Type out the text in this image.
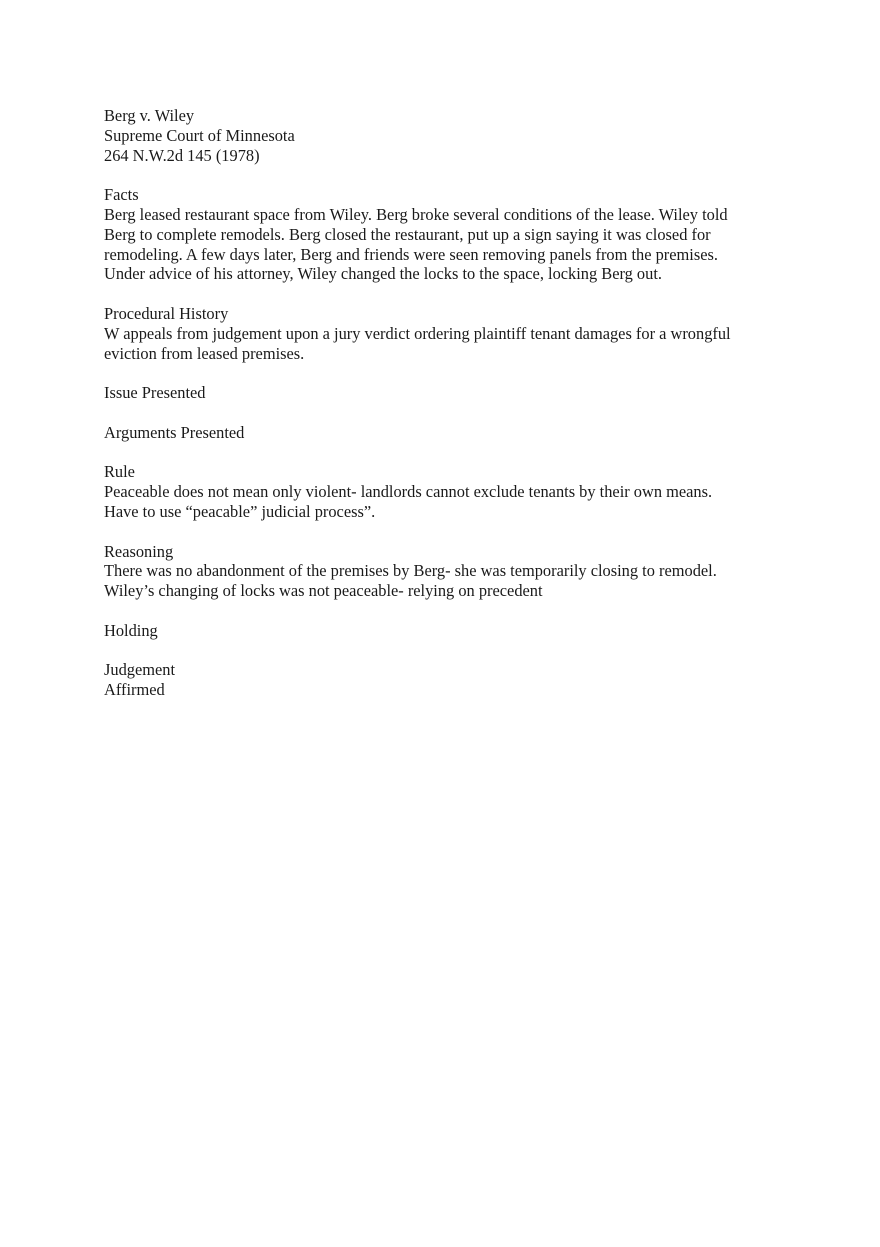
Berg v. Wiley
Supreme Court of Minnesota
264 N.W.2d 145 (1978)
Facts
Berg leased restaurant space from Wiley. Berg broke several conditions of the lease. Wiley told
Berg to complete remodels. Berg closed the restaurant, put up a sign saying it was closed for
remodeling. A few days later, Berg and friends were seen removing panels from the premises.
Under advice of his attorney, Wiley changed the locks to the space, locking Berg out.
Procedural History
W appeals from judgement upon a jury verdict ordering plaintiff tenant damages for a wrongful
eviction from leased premises.
Issue Presented
Arguments Presented
Rule
Peaceable does not mean only violent- landlords cannot exclude tenants by their own means.
Have to use “peacable” judicial process”.
Reasoning
There was no abandonment of the premises by Berg- she was temporarily closing to remodel.
Wiley’s changing of locks was not peaceable- relying on precedent
Holding
Judgement
Affirmed
